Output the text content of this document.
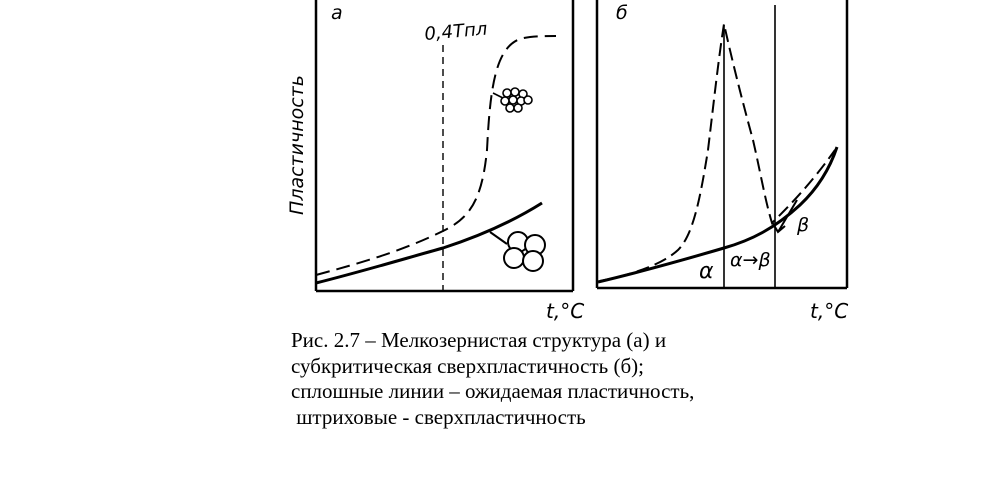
а
0,4Tпл
Пластичность
t,°C
б
α α→β
β
t,°C
Рис. 2.7 – Мелкозернистая структура (а) и
субкритическая сверхпластичность (б);
сплошные линии – ожидаемая пластичность,
штриховые - сверхпластичность
